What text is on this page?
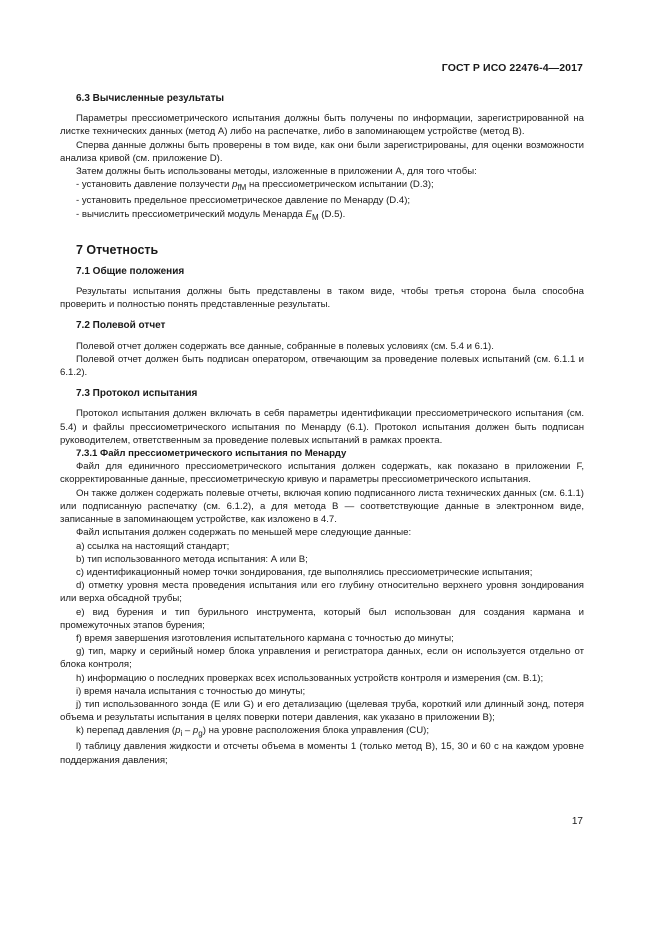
ГОСТ Р ИСО 22476-4—2017
6.3 Вычисленные результаты

Параметры прессиометрического испытания должны быть получены по информации, зарегистрированной на листке технических данных (метод А) либо на распечатке, либо в запоминающем устройстве (метод В).

Сперва данные должны быть проверены в том виде, как они были зарегистрированы, для оценки возможности анализа кривой (см. приложение D).

Затем должны быть использованы методы, изложенные в приложении А, для того чтобы:

- установить давление ползучести $p_{fM}$ на прессиометрическом испытании (D.3);

- установить предельное прессиометрическое давление по Менарду (D.4);

- вычислить прессиометрический модуль Менарда $E_M$ (D.5).

7 Отчетность
7.1 Общие положения

Результаты испытания должны быть представлены в таком виде, чтобы третья сторона была способна проверить и полностью понять представленные результаты.

7.2 Полевой отчет

Полевой отчет должен содержать все данные, собранные в полевых условиях (см. 5.4 и 6.1).

Полевой отчет должен быть подписан оператором, отвечающим за проведение полевых испытаний (см. 6.1.1 и 6.1.2).

7.3 Протокол испытания

Протокол испытания должен включать в себя параметры идентификации прессиометрического испытания (см. 5.4) и файлы прессиометрического испытания по Менарду (6.1). Протокол испытания должен быть подписан руководителем, ответственным за проведение полевых испытаний в рамках проекта.

7.3.1 Файл прессиометрического испытания по Менарду

Файл для единичного прессиометрического испытания должен содержать, как показано в приложении F, скорректированные данные, прессиометрическую кривую и параметры прессиометрического испытания.

Он также должен содержать полевые отчеты, включая копию подписанного листа технических данных (см. 6.1.1) или подписанную распечатку (см. 6.1.2), а для метода В — соответствующие данные в электронном виде, записанные в запоминающем устройстве, как изложено в 4.7.

Файл испытания должен содержать по меньшей мере следующие данные:

а) ссылка на настоящий стандарт;

b) тип использованного метода испытания: А или В;

с) идентификационный номер точки зондирования, где выполнялись прессиометрические испытания;

d) отметку уровня места проведения испытания или его глубину относительно верхнего уровня зондирования или верха обсадной трубы;

е) вид бурения и тип бурильного инструмента, который был использован для создания кармана и промежуточных этапов бурения;

f) время завершения изготовления испытательного кармана с точностью до минуты;

g) тип, марку и серийный номер блока управления и регистратора данных, если он используется отдельно от блока контроля;

h) информацию о последних проверках всех использованных устройств контроля и измерения (см. В.1);

i) время начала испытания с точностью до минуты;

j) тип использованного зонда (Е или G) и его детализацию (щелевая труба, короткий или длинный зонд, потеря объема и результаты испытания в целях поверки потери давления, как указано в приложении В);

k) перепад давления $(p_i - p_g)$ на уровне расположения блока управления (CU);

l) таблицу давления жидкости и отсчеты объема в моменты 1 (только метод В), 15, 30 и 60 с на каждом уровне поддержания давления;

17
